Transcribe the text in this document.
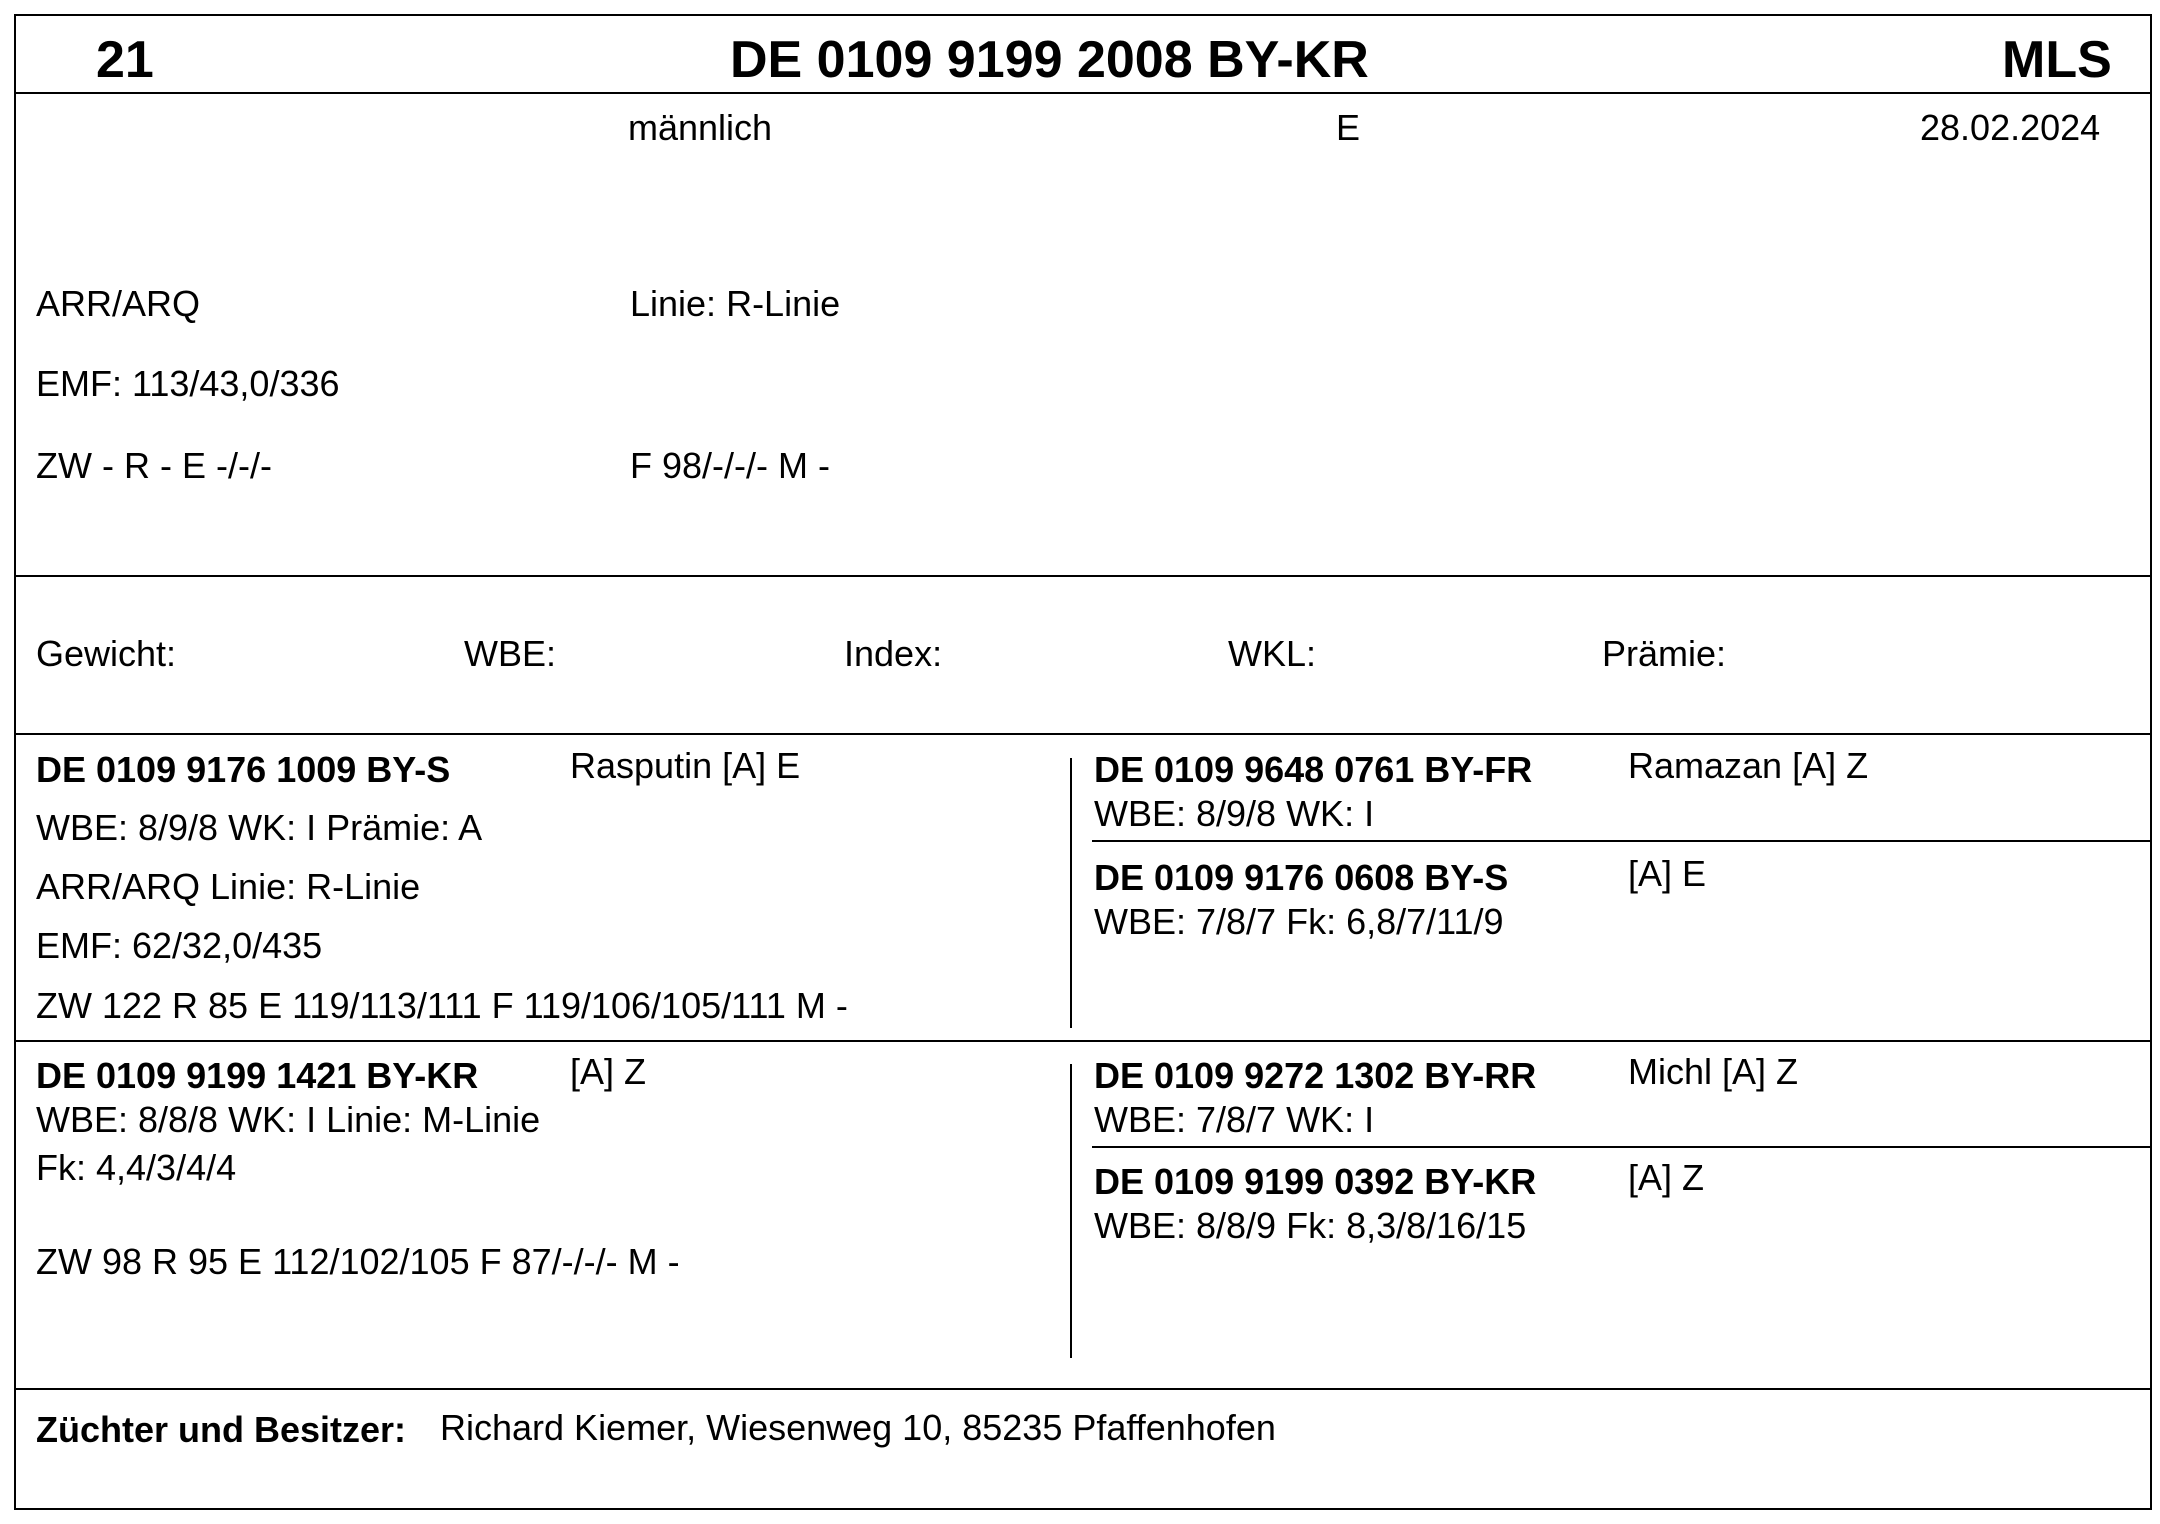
21	DE 0109 9199 2008 BY-KR	MLS
männlich	E	28.02.2024
ARR/ARQ	Linie: R-Linie
EMF: 113/43,0/336
ZW - R - E -/-/-	F 98/-/-/- M -
Gewicht:	WBE:	Index:	WKL:	Prämie:
DE 0109 9176 1009 BY-S	Rasputin [A] E
WBE: 8/9/8 WK: I Prämie: A
ARR/ARQ Linie: R-Linie
EMF: 62/32,0/435
ZW 122 R 85 E 119/113/111 F 119/106/105/111 M -
DE 0109 9648 0761 BY-FR	Ramazan [A] Z
WBE: 8/9/8 WK: I
DE 0109 9176 0608 BY-S	[A] E
WBE: 7/8/7 Fk: 6,8/7/11/9
DE 0109 9199 1421 BY-KR	[A] Z
WBE: 8/8/8 WK: I Linie: M-Linie
Fk: 4,4/3/4/4
ZW 98 R 95 E 112/102/105 F 87/-/-/- M -
DE 0109 9272 1302 BY-RR	Michl [A] Z
WBE: 7/8/7 WK: I
DE 0109 9199 0392 BY-KR	[A] Z
WBE: 8/8/9 Fk: 8,3/8/16/15
Züchter und Besitzer: Richard Kiemer, Wiesenweg 10, 85235 Pfaffenhofen
